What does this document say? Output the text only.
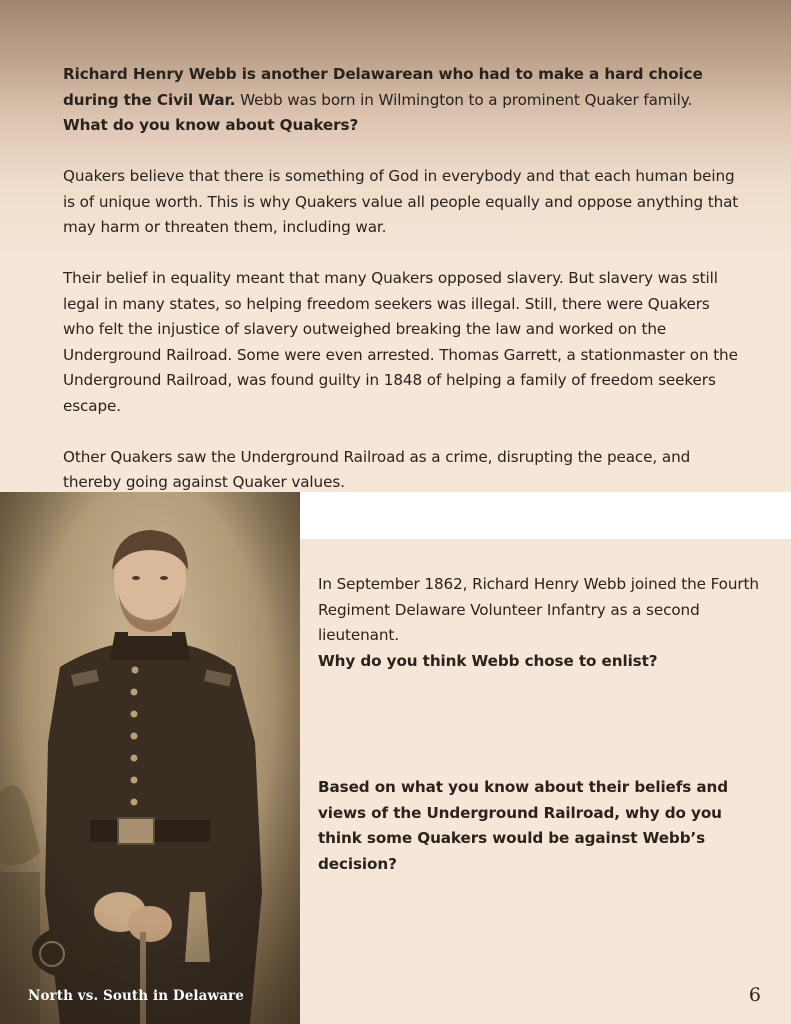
Richard Henry Webb is another Delawarean who had to make a hard choice during the Civil War. Webb was born in Wilmington to a prominent Quaker family.
What do you know about Quakers?

Quakers believe that there is something of God in everybody and that each human being is of unique worth. This is why Quakers value all people equally and oppose anything that may harm or threaten them, including war.

Their belief in equality meant that many Quakers opposed slavery. But slavery was still legal in many states, so helping freedom seekers was illegal. Still, there were Quakers who felt the injustice of slavery outweighed breaking the law and worked on the Underground Railroad. Some were even arrested. Thomas Garrett, a stationmaster on the Underground Railroad, was found guilty in 1848 of helping a family of freedom seekers escape.

Other Quakers saw the Underground Railroad as a crime, disrupting the peace, and thereby going against Quaker values.

North vs. South in Delaware

In September 1862, Richard Henry Webb joined the Fourth Regiment Delaware Volunteer Infantry as a second lieutenant.

Why do you think Webb chose to enlist?

Based on what you know about their beliefs and views of the Underground Railroad, why do you think some Quakers would be against Webb’s decision?

6
